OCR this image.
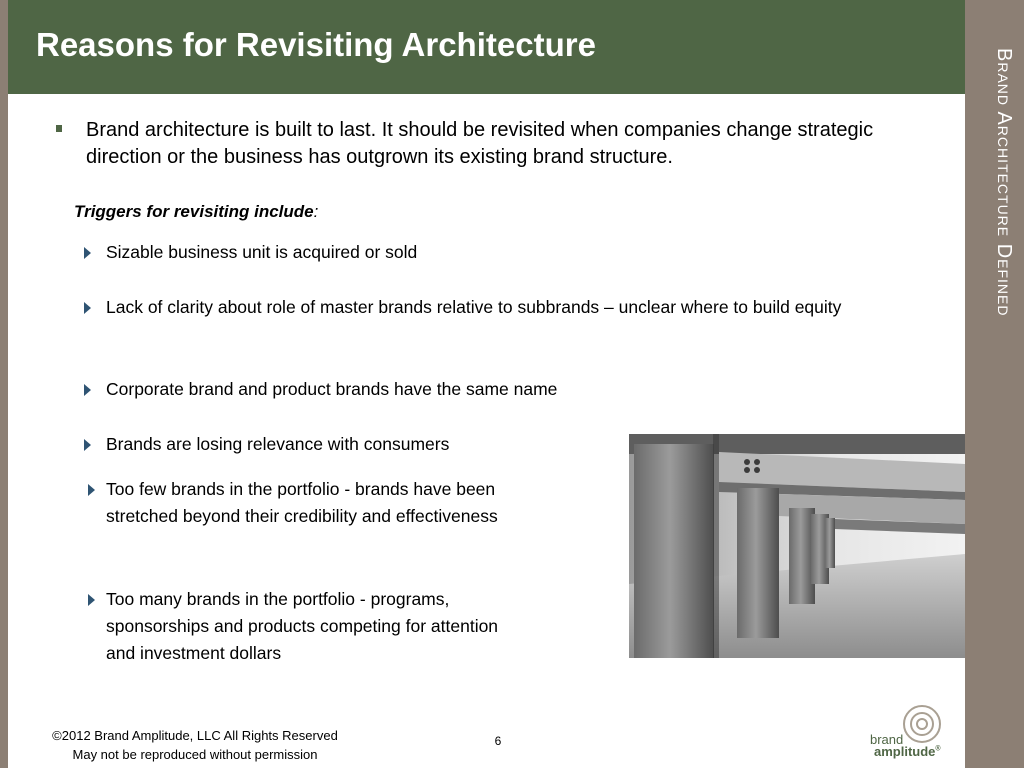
Reasons for Revisiting Architecture
Brand Architecture Defined
Brand architecture is built to last. It should be revisited when companies change strategic direction or the business has outgrown its existing brand structure.
Triggers for revisiting include:
Sizable business unit is acquired or sold
Lack of clarity about role of master brands relative to subbrands – unclear where to build equity
Corporate brand and product brands have the same name
Brands are losing relevance with consumers
Too few brands in the portfolio - brands have been stretched beyond their credibility and effectiveness
Too many brands in the portfolio - programs, sponsorships and products competing for attention and investment dollars
©2012 Brand Amplitude, LLC All Rights Reserved
May not be reproduced without permission
6	brand
amplitude®
